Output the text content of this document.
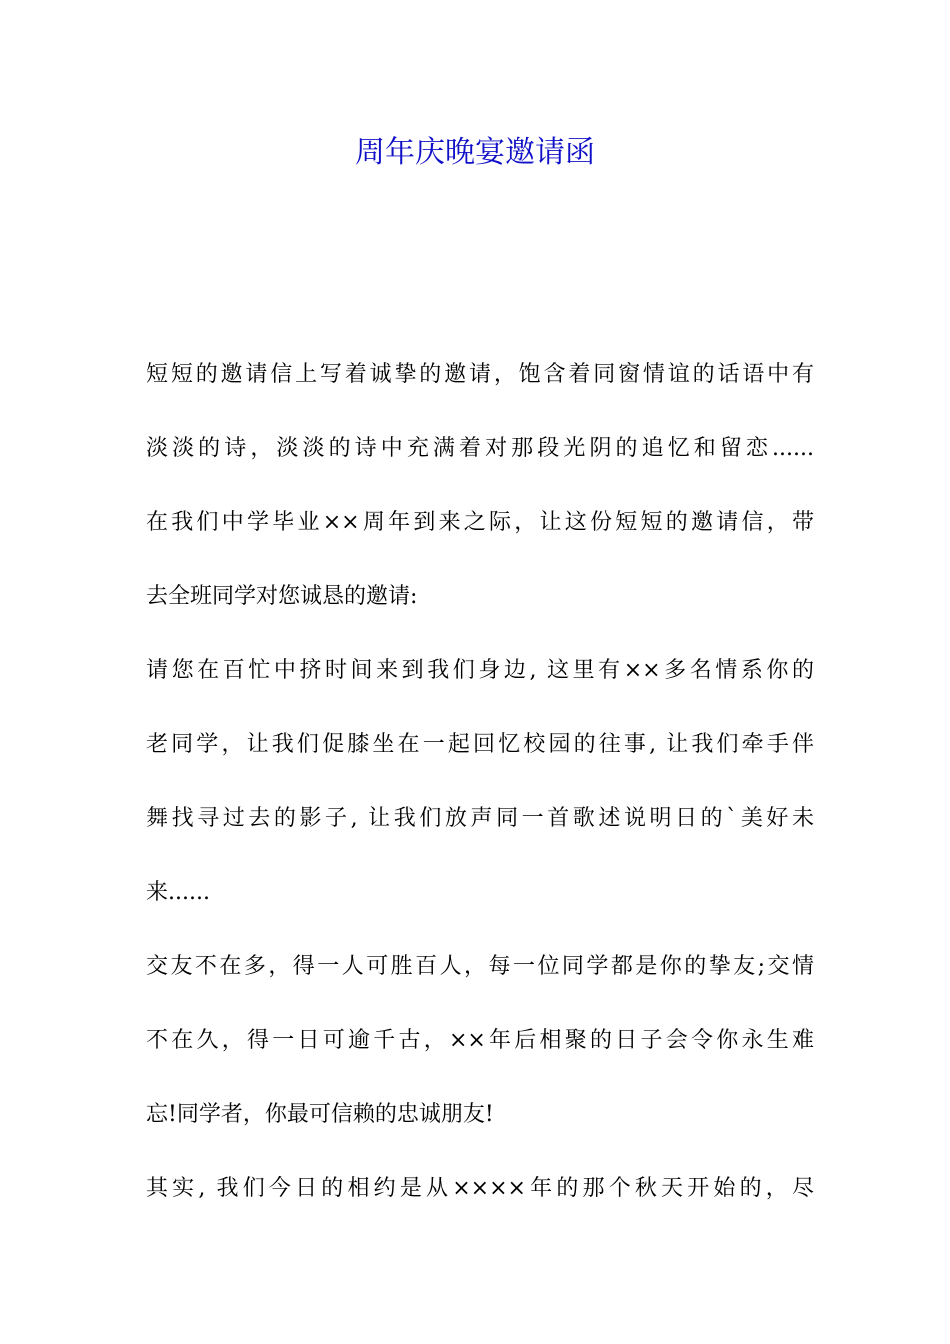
周年庆晚宴邀请函
短短的邀请信上写着诚挚的邀请，饱含着同窗情谊的话语中有
淡淡的诗，淡淡的诗中充满着对那段光阴的追忆和留恋......
在我们中学毕业××周年到来之际，让这份短短的邀请信，带
去全班同学对您诚恳的邀请:
请您在百忙中挤时间来到我们身边, 这里有××多名情系你的
老同学，让我们促膝坐在一起回忆校园的往事, 让我们牵手伴
舞找寻过去的影子, 让我们放声同一首歌述说明日的`美好未
来......
交友不在多，得一人可胜百人，每一位同学都是你的挚友;交情
不在久，得一日可逾千古，××年后相聚的日子会令你永生难
忘!同学者，你最可信赖的忠诚朋友!
其实, 我们今日的相约是从××××年的那个秋天开始的，尽
